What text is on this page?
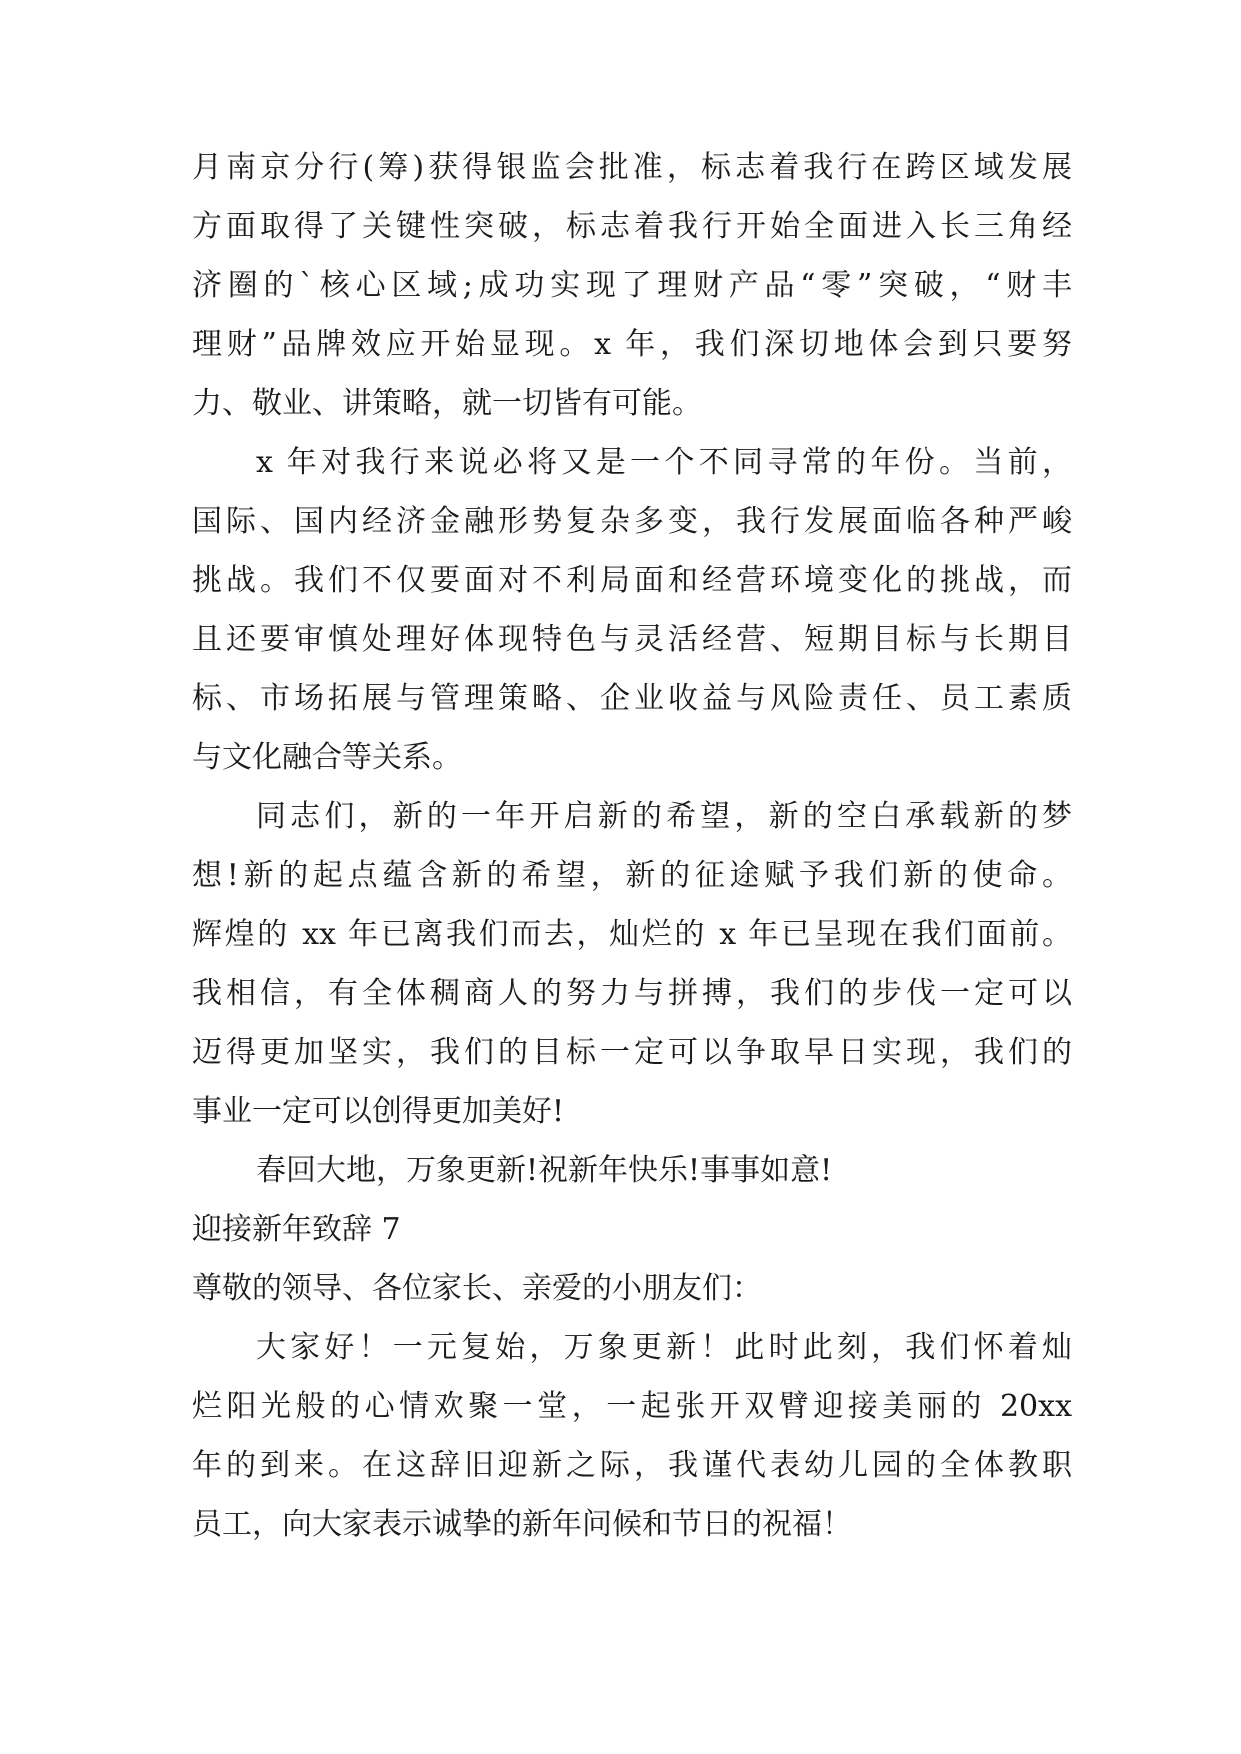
月南京分行(筹)获得银监会批准，标志着我行在跨区域发展
方面取得了关键性突破，标志着我行开始全面进入长三角经
济圈的`核心区域;成功实现了理财产品“零”突破，“财丰
理财”品牌效应开始显现。x 年，我们深切地体会到只要努
力、敬业、讲策略，就一切皆有可能。
x 年对我行来说必将又是一个不同寻常的年份。当前，
国际、国内经济金融形势复杂多变，我行发展面临各种严峻
挑战。我们不仅要面对不利局面和经营环境变化的挑战，而
且还要审慎处理好体现特色与灵活经营、短期目标与长期目
标、市场拓展与管理策略、企业收益与风险责任、员工素质
与文化融合等关系。
同志们，新的一年开启新的希望，新的空白承载新的梦
想!新的起点蕴含新的希望，新的征途赋予我们新的使命。
辉煌的 xx 年已离我们而去，灿烂的 x 年已呈现在我们面前。
我相信，有全体稠商人的努力与拼搏，我们的步伐一定可以
迈得更加坚实，我们的目标一定可以争取早日实现，我们的
事业一定可以创得更加美好!
春回大地，万象更新!祝新年快乐!事事如意!
迎接新年致辞 7
尊敬的领导、各位家长、亲爱的小朋友们：
大家好！一元复始，万象更新！此时此刻，我们怀着灿
烂阳光般的心情欢聚一堂，一起张开双臂迎接美丽的 20xx
年的到来。在这辞旧迎新之际，我谨代表幼儿园的全体教职
员工，向大家表示诚挚的新年问候和节日的祝福！
